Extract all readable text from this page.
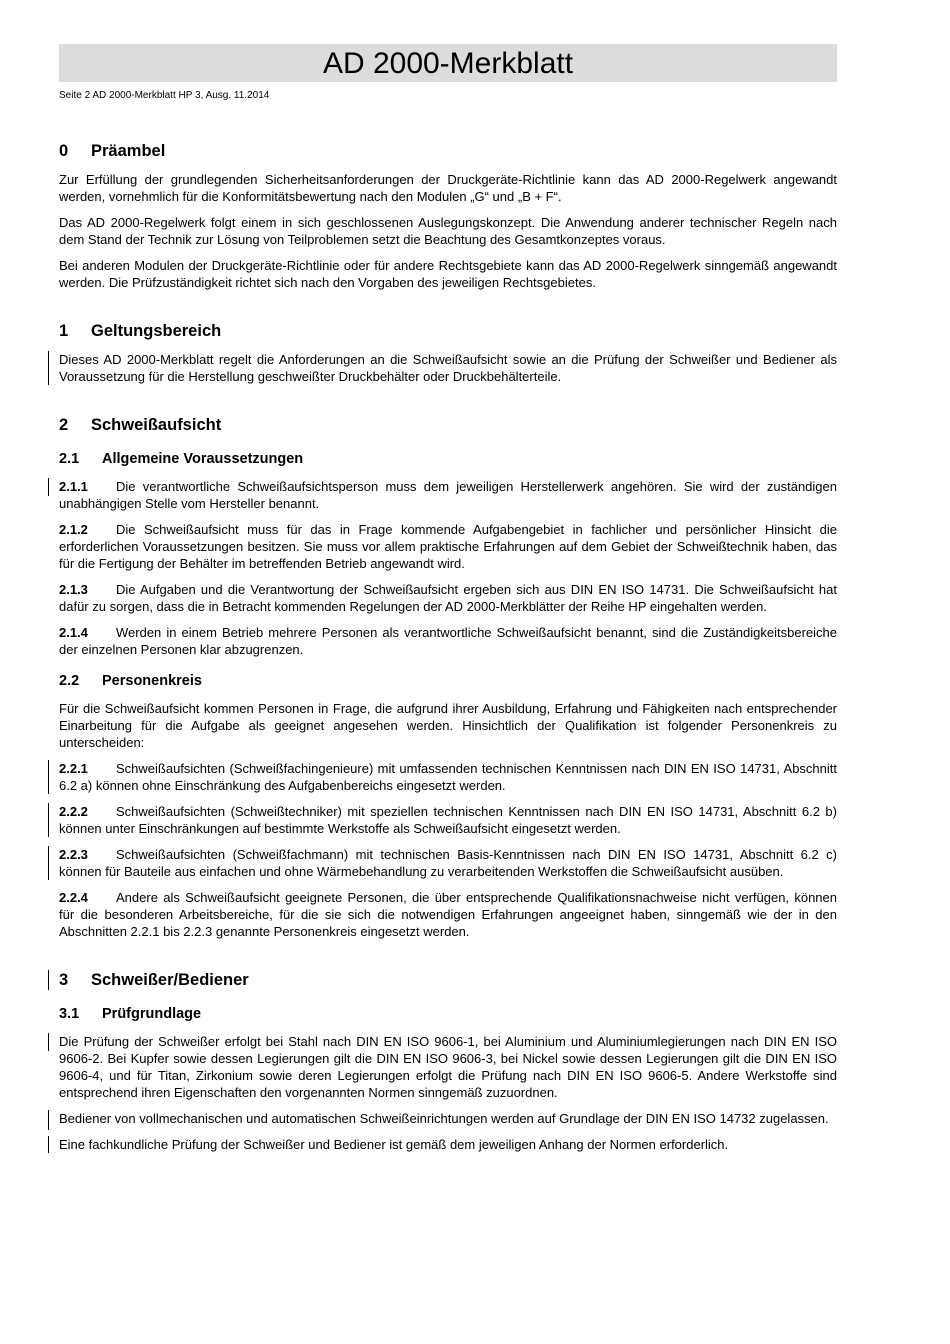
AD 2000-Merkblatt
Seite 2 AD 2000-Merkblatt HP 3, Ausg. 11.2014
0 Präambel

Zur Erfüllung der grundlegenden Sicherheitsanforderungen der Druckgeräte-Richtlinie kann das AD 2000-Regelwerk angewandt werden, vornehmlich für die Konformitätsbewertung nach den Modulen „G“ und „B + F“.

Das AD 2000-Regelwerk folgt einem in sich geschlossenen Auslegungskonzept. Die Anwendung anderer technischer Regeln nach dem Stand der Technik zur Lösung von Teilproblemen setzt die Beachtung des Gesamtkonzeptes voraus.

Bei anderen Modulen der Druckgeräte-Richtlinie oder für andere Rechtsgebiete kann das AD 2000-Regelwerk sinngemäß angewandt werden. Die Prüfzuständigkeit richtet sich nach den Vorgaben des jeweiligen Rechtsgebietes.

1 Geltungsbereich

Dieses AD 2000-Merkblatt regelt die Anforderungen an die Schweißaufsicht sowie an die Prüfung der Schweißer und Bediener als Voraussetzung für die Herstellung geschweißter Druckbehälter oder Druckbehälterteile.

2 Schweißaufsicht
2.1 Allgemeine Voraussetzungen

2.1.1 Die verantwortliche Schweißaufsichtsperson muss dem jeweiligen Herstellerwerk angehören. Sie wird der zuständigen unabhängigen Stelle vom Hersteller benannt.

2.1.2 Die Schweißaufsicht muss für das in Frage kommende Aufgabengebiet in fachlicher und persönlicher Hinsicht die erforderlichen Voraussetzungen besitzen. Sie muss vor allem praktische Erfahrungen auf dem Gebiet der Schweißtechnik haben, das für die Fertigung der Behälter im betreffenden Betrieb angewandt wird.

2.1.3 Die Aufgaben und die Verantwortung der Schweißaufsicht ergeben sich aus DIN EN ISO 14731. Die Schweißaufsicht hat dafür zu sorgen, dass die in Betracht kommenden Regelungen der AD 2000-Merkblätter der Reihe HP eingehalten werden.

2.1.4 Werden in einem Betrieb mehrere Personen als verantwortliche Schweißaufsicht benannt, sind die Zuständigkeitsbereiche der einzelnen Personen klar abzugrenzen.

2.2 Personenkreis

Für die Schweißaufsicht kommen Personen in Frage, die aufgrund ihrer Ausbildung, Erfahrung und Fähigkeiten nach entsprechender Einarbeitung für die Aufgabe als geeignet angesehen werden. Hinsichtlich der Qualifikation ist folgender Personenkreis zu unterscheiden:

2.2.1 Schweißaufsichten (Schweißfachingenieure) mit umfassenden technischen Kenntnissen nach DIN EN ISO 14731, Abschnitt 6.2 a) können ohne Einschränkung des Aufgabenbereichs eingesetzt werden.

2.2.2 Schweißaufsichten (Schweißtechniker) mit speziellen technischen Kenntnissen nach DIN EN ISO 14731, Abschnitt 6.2 b) können unter Einschränkungen auf bestimmte Werkstoffe als Schweißaufsicht eingesetzt werden.

2.2.3 Schweißaufsichten (Schweißfachmann) mit technischen Basis-Kenntnissen nach DIN EN ISO 14731, Abschnitt 6.2 c) können für Bauteile aus einfachen und ohne Wärmebehandlung zu verarbeitenden Werkstoffen die Schweißaufsicht ausüben.

2.2.4 Andere als Schweißaufsicht geeignete Personen, die über entsprechende Qualifikationsnachweise nicht verfügen, können für die besonderen Arbeitsbereiche, für die sie sich die notwendigen Erfahrungen angeeignet haben, sinngemäß wie der in den Abschnitten 2.2.1 bis 2.2.3 genannte Personenkreis eingesetzt werden.

3 Schweißer/Bediener
3.1 Prüfgrundlage

Die Prüfung der Schweißer erfolgt bei Stahl nach DIN EN ISO 9606-1, bei Aluminium und Aluminiumlegierungen nach DIN EN ISO 9606-2. Bei Kupfer sowie dessen Legierungen gilt die DIN EN ISO 9606-3, bei Nickel sowie dessen Legierungen gilt die DIN EN ISO 9606-4, und für Titan, Zirkonium sowie deren Legierungen erfolgt die Prüfung nach DIN EN ISO 9606-5. Andere Werkstoffe sind entsprechend ihren Eigenschaften den vorgenannten Normen sinngemäß zuzuordnen.

Bediener von vollmechanischen und automatischen Schweißeinrichtungen werden auf Grundlage der DIN EN ISO 14732 zugelassen.

Eine fachkundliche Prüfung der Schweißer und Bediener ist gemäß dem jeweiligen Anhang der Normen erforderlich.
